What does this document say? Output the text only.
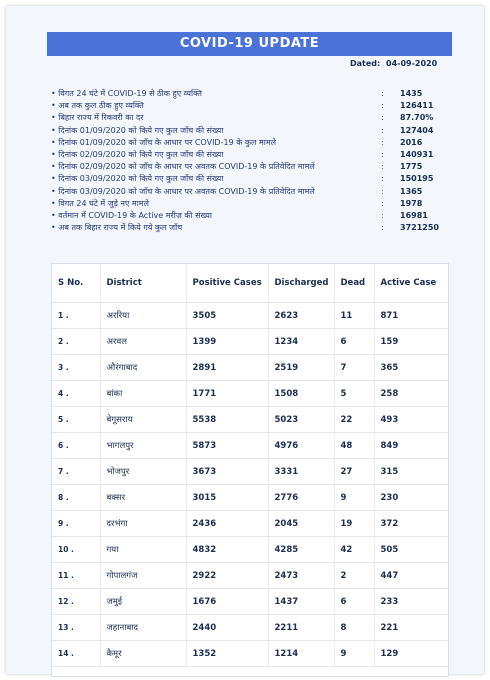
COVID-19 UPDATE
Dated: 04-09-2020
• विगत 24 घंटे में COVID-19 से ठीक हुए व्यक्ति	: 1435
• अब तक कुल ठीक हुए व्यक्ति	: 126411
• बिहार राज्य में रिकवरी का दर	: 87.70%
• दिनांक 01/09/2020 को किये गए कुल जाँच की संख्या	: 127404
• दिनांक 01/09/2020 को जाँच के आधार पर COVID-19 के कुल मामले	: 2016
• दिनांक 02/09/2020 को किये गए कुल जाँच की संख्या	: 140931
• दिनांक 02/09/2020 को जाँच के आधार पर अवतक COVID-19 के प्रतिवेदित मामले	: 1775
• दिनांक 03/09/2020 को किये गए कुल जाँच की संख्या	: 150195
• दिनांक 03/09/2020 को जाँच के आधार पर अवतक COVID-19 के प्रतिवेदित मामले	: 1365
• विगत 24 घंटे में जुड़े नए मामले	: 1978
• वर्तमान में COVID-19 के Active मरीज़ की संख्या	: 16981
• अब तक बिहार राज्य में किये गये कुल जाँच	: 3721250
S No.	District	Positive Cases	Discharged	Dead	Active Case
1 .	अररिया	3505	2623	11	871
2 .	अरवल	1399	1234	6	159
3 .	औरंगाबाद	2891	2519	7	365
4 .	बांका	1771	1508	5	258
5 .	बेगूसराय	5538	5023	22	493
6 .	भागलपुर	5873	4976	48	849
7 .	भोजपुर	3673	3331	27	315
8 .	बक्सर	3015	2776	9	230
9 .	दरभंगा	2436	2045	19	372
10 .	गया	4832	4285	42	505
11 .	गोपालगंज	2922	2473	2	447
12 .	जमुई	1676	1437	6	233
13 .	जहानाबाद	2440	2211	8	221
14 .	कैमूर	1352	1214	9	129
